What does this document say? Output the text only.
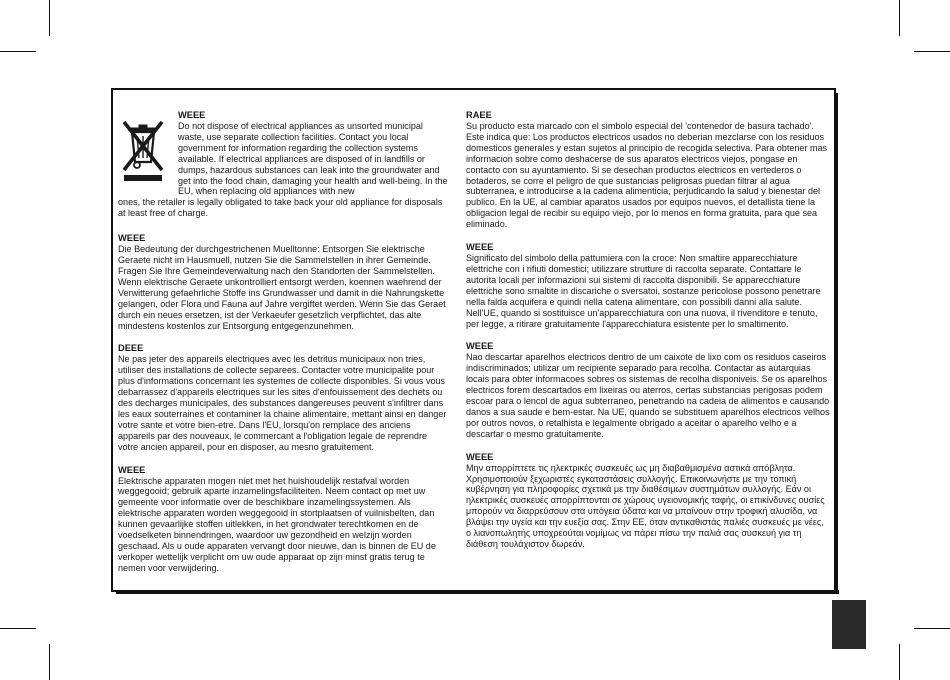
WEEE

Do not dispose of electrical appliances as unsorted municipal waste, use separate collection facilities. Contact you local government for information regarding the collection systems available. If electrical appliances are disposed of in landfills or dumps, hazardous substances can leak into the groundwater and get into the food chain, damaging your health and well-being. In the EU, when replacing old appliances with new

ones, the retailer is legally obligated to take back your old appliance for disposals at least free of charge.

WEEE

Die Bedeutung der durchgestrichenen Muelltonne: Entsorgen Sie elektrische Geraete nicht im Hausmuell, nutzen Sie die Sammelstellen in ihrer Gemeinde. Fragen Sie Ihre Gemeindeverwaltung nach den Standorten der Sammelstellen. Wenn elektrische Geraete unkontrolliert entsorgt werden, koennen waehrend der Verwitterung gefaehrliche Stoffe ins Grundwasser und damit in die Nahrungskette gelangen, oder Flora und Fauna auf Jahre vergiftet werden. Wenn Sie das Geraet durch ein neues ersetzen, ist der Verkaeufer gesetzlich verpflichtet, das alte mindestens kostenlos zur Entsorgung entgegenzunehmen.

DEEE

Ne pas jeter des appareils electriques avec les detritus municipaux non tries, utiliser des installations de collecte separees. Contacter votre municipalite pour plus d'informations concernant les systemes de collecte disponibles. Si vous vous debarrassez d'appareils electriques sur les sites d'enfouissement des dechets ou des decharges municipales, des substances dangereuses peuvent s'infiltrer dans les eaux souterraines et contaminer la chaine alimentaire, mettant ainsi en danger votre sante et votre bien-etre. Dans l'EU, lorsqu'on remplace des anciens appareils par des nouveaux, le commercant a l'obligation legale de reprendre votre ancien appareil, pour en disposer, au mesno gratuitement.

WEEE

Elektrische apparaten mogen niet met het huishoudelijk restafval worden weggegooid; gebruik aparte inzamelingsfaciliteiten. Neem contact op met uw gemeente voor informatie over de beschikbare inzamelingssystemen. Als elektrische apparaten worden weggegooid in stortplaatsen of vuilnisbelten, dan kunnen gevaarlijke stoffen uitlekken, in het grondwater terechtkomen en de voedselketen binnendringen, waardoor uw gezondheid en welzijn worden geschaad. Als u oude apparaten vervangt door nieuwe, dan is binnen de EU de verkoper wettelijk verplicht om uw oude apparaat op zijn minst gratis terug te nemen voor verwijdering.

RAEE

Su producto esta marcado con el simbolo especial del 'contenedor de basura tachado'. Este indica que: Los productos electricos usados no deberian mezclarse con los residuos domesticos generales y estan sujetos al principio de recogida selectiva. Para obtener mas informacion sobre como deshacerse de sus aparatos electricos viejos, pongase en contacto con su ayuntamiento. Si se desechan productos electricos en vertederos o botaderos, se corre el peligro de que sustancias peligrosas puedan filtrar al agua subterranea, e introducirse a la cadena alimenticia, perjudicando la salud y bienestar del publico. En la UE, al cambiar aparatos usados por equipos nuevos, el detallista tiene la obligacion legal de recibir su equipo viejo, por lo menos en forma gratuita, para que sea eliminado.

WEEE

Significato del simbolo della pattumiera con la croce: Non smaltire apparecchiature elettriche con i rifiuti domestici; utilizzare strutture di raccolta separate. Contattare le autorita locali per informazioni sui sistemi di raccolta disponibili. Se apparecchiature elettriche sono smaltite in discariche o sversatoi, sostanze pericolose possono penetrare nella falda acquifera e quindi nella catena alimentare, con possibili danni alla salute. Nell'UE, quando si sostituisce un'apparecchiatura con una nuova, il rivenditore e tenuto, per legge, a ritirare gratuitamente l'apparecchiatura esistente per lo smaltimento.

WEEE

Nao descartar aparelhos electricos dentro de um caixote de lixo com os residuos caseiros indiscriminados; utilizar um recipiente separado para recolha. Contactar as autarquias locais para obter informacoes sobres os sistemas de recolha disponiveis. Se os aparelhos electricos forem descartados em lixeiras ou aterros, certas substancias perigosas podem escoar para o lencol de agua subterraneo, penetrando na cadeia de alimentos e causando danos a sua saude e bem-estar. Na UE, quando se substituem aparelhos electricos velhos por outros novos, o retalhista e legalmente obrigado a aceitar o aparelho velho e a descartar o mesmo gratuitamente.

WEEE

Μην απορρίπτετε τις ηλεκτρικές συσκευές ως μη διαβαθμισμένα αστικά απόβλητα. Χρησιμοποιούν ξεχωριστές εγκαταστάσεις συλλογής. Επικοινωνήστε με την τοπική κυβέρνηση για πληροφορίες σχετικά με την διαθέσιμων συστημάτων συλλογής. Εάν οι ηλεκτρικές συσκευές απορρίπτονται σε χώρους υγειονομικής ταφής, οι επικίνδυνες ουσίες μπορούν να διαρρεύσουν στα υπόγεια ύδατα και να μπαίνουν στην τροφική αλυσίδα, να βλάψει την υγεία και την ευεξία σας. Στην ΕΕ, όταν αντικαθιστάς παλιές συσκευές με νέες, ο λιανοπωλητής υποχρεούται νομίμως να πάρει πίσω την παλιά σας συσκευή για τη διάθεση τουλάχιστον δωρεάν.
